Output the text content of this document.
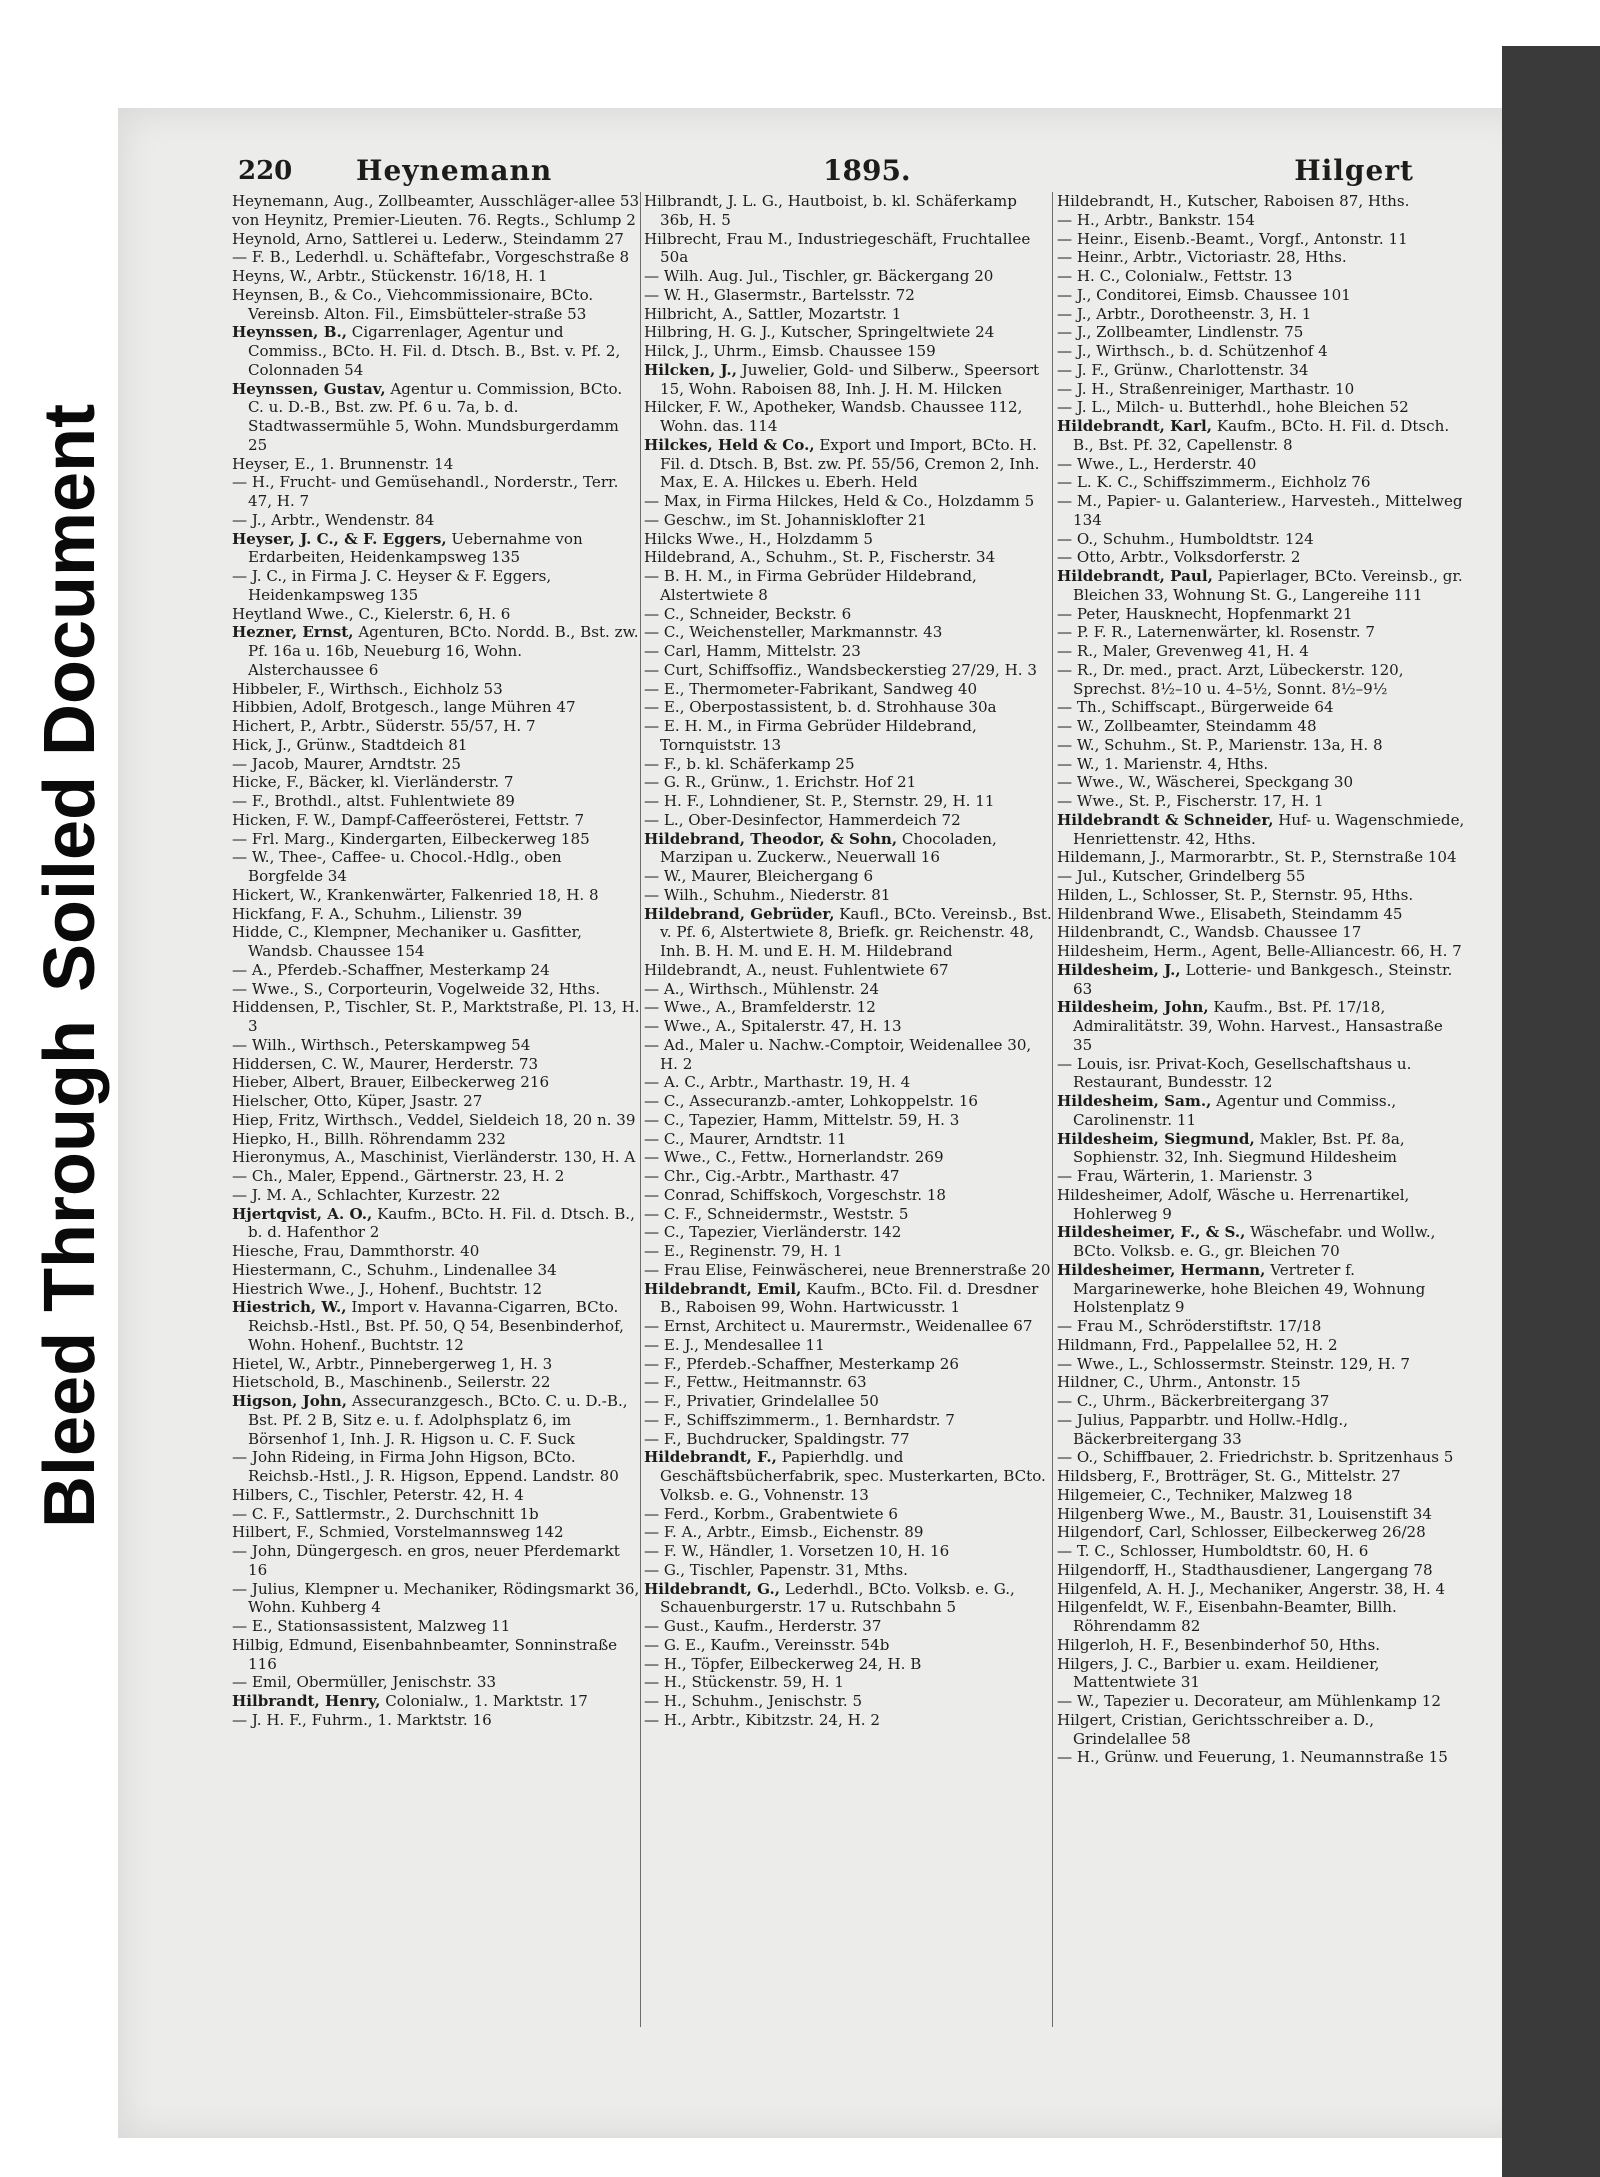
Bleed ThroughSoiled Document
220 Heynemann	1895.	Hilgert

Heynemann, Aug., Zollbeamter, Ausschläger-allee 53

von Heynitz, Premier-Lieuten. 76. Regts., Schlump 2

Heynold, Arno, Sattlerei u. Lederw., Steindamm 27

— F. B., Lederhdl. u. Schäftefabr., Vorgeschstraße 8

Heyns, W., Arbtr., Stückenstr. 16/18, H. 1

Heynsen, B., & Co., Viehcommissionaire, BCto. Vereinsb. Alton. Fil., Eimsbütteler-straße 53

Heynssen, B., Cigarrenlager, Agentur und Commiss., BCto. H. Fil. d. Dtsch. B., Bst. v. Pf. 2, Colonnaden 54

Heynssen, Gustav, Agentur u. Commission, BCto. C. u. D.-B., Bst. zw. Pf. 6 u. 7a, b. d. Stadtwassermühle 5, Wohn. Mundsburgerdamm 25

Heyser, E., 1. Brunnenstr. 14

— H., Frucht- und Gemüsehandl., Norderstr., Terr. 47, H. 7

— J., Arbtr., Wendenstr. 84

Heyser, J. C., & F. Eggers, Uebernahme von Erdarbeiten, Heidenkampsweg 135

— J. C., in Firma J. C. Heyser & F. Eggers, Heidenkampsweg 135

Heytland Wwe., C., Kielerstr. 6, H. 6

Hezner, Ernst, Agenturen, BCto. Nordd. B., Bst. zw. Pf. 16a u. 16b, Neueburg 16, Wohn. Alsterchaussee 6

Hibbeler, F., Wirthsch., Eichholz 53

Hibbien, Adolf, Brotgesch., lange Mühren 47

Hichert, P., Arbtr., Süderstr. 55/57, H. 7

Hick, J., Grünw., Stadtdeich 81

— Jacob, Maurer, Arndtstr. 25

Hicke, F., Bäcker, kl. Vierländerstr. 7

— F., Brothdl., altst. Fuhlentwiete 89

Hicken, F. W., Dampf-Caffeerösterei, Fettstr. 7

— Frl. Marg., Kindergarten, Eilbeckerweg 185

— W., Thee-, Caffee- u. Chocol.-Hdlg., oben Borgfelde 34

Hickert, W., Krankenwärter, Falkenried 18, H. 8

Hickfang, F. A., Schuhm., Lilienstr. 39

Hidde, C., Klempner, Mechaniker u. Gasfitter, Wandsb. Chaussee 154

— A., Pferdeb.-Schaffner, Mesterkamp 24

— Wwe., S., Corporteurin, Vogelweide 32, Hths.

Hiddensen, P., Tischler, St. P., Marktstraße, Pl. 13, H. 3

— Wilh., Wirthsch., Peterskampweg 54

Hiddersen, C. W., Maurer, Herderstr. 73

Hieber, Albert, Brauer, Eilbeckerweg 216

Hielscher, Otto, Küper, Jsastr. 27

Hiep, Fritz, Wirthsch., Veddel, Sieldeich 18, 20 n. 39

Hiepko, H., Billh. Röhrendamm 232

Hieronymus, A., Maschinist, Vierländerstr. 130, H. A

— Ch., Maler, Eppend., Gärtnerstr. 23, H. 2

— J. M. A., Schlachter, Kurzestr. 22

Hjertqvist, A. O., Kaufm., BCto. H. Fil. d. Dtsch. B., b. d. Hafenthor 2

Hiesche, Frau, Dammthorstr. 40

Hiestermann, C., Schuhm., Lindenallee 34

Hiestrich Wwe., J., Hohenf., Buchtstr. 12

Hiestrich, W., Import v. Havanna-Cigarren, BCto. Reichsb.-Hstl., Bst. Pf. 50, Q 54, Besenbinderhof, Wohn. Hohenf., Buchtstr. 12

Hietel, W., Arbtr., Pinnebergerweg 1, H. 3

Hietschold, B., Maschinenb., Seilerstr. 22

Higson, John, Assecuranzgesch., BCto. C. u. D.-B., Bst. Pf. 2 B, Sitz e. u. f. Adolphsplatz 6, im Börsenhof 1, Inh. J. R. Higson u. C. F. Suck

— John Rideing, in Firma John Higson, BCto. Reichsb.-Hstl., J. R. Higson, Eppend. Landstr. 80

Hilbers, C., Tischler, Peterstr. 42, H. 4

— C. F., Sattlermstr., 2. Durchschnitt 1b

Hilbert, F., Schmied, Vorstelmannsweg 142

— John, Düngergesch. en gros, neuer Pferdemarkt 16

— Julius, Klempner u. Mechaniker, Rödingsmarkt 36, Wohn. Kuhberg 4

— E., Stationsassistent, Malzweg 11

Hilbig, Edmund, Eisenbahnbeamter, Sonninstraße 116

— Emil, Obermüller, Jenischstr. 33

Hilbrandt, Henry, Colonialw., 1. Marktstr. 17

— J. H. F., Fuhrm., 1. Marktstr. 16

Hilbrandt, J. L. G., Hautboist, b. kl. Schäferkamp 36b, H. 5

Hilbrecht, Frau M., Industriegeschäft, Fruchtallee 50a

— Wilh. Aug. Jul., Tischler, gr. Bäckergang 20

— W. H., Glasermstr., Bartelsstr. 72

Hilbricht, A., Sattler, Mozartstr. 1

Hilbring, H. G. J., Kutscher, Springeltwiete 24

Hilck, J., Uhrm., Eimsb. Chaussee 159

Hilcken, J., Juwelier, Gold- und Silberw., Speersort 15, Wohn. Raboisen 88, Inh. J. H. M. Hilcken

Hilcker, F. W., Apotheker, Wandsb. Chaussee 112, Wohn. das. 114

Hilckes, Held & Co., Export und Import, BCto. H. Fil. d. Dtsch. B, Bst. zw. Pf. 55/56, Cremon 2, Inh. Max, E. A. Hilckes u. Eberh. Held

— Max, in Firma Hilckes, Held & Co., Holzdamm 5

— Geschw., im St. Johannisklofter 21

Hilcks Wwe., H., Holzdamm 5

Hildebrand, A., Schuhm., St. P., Fischerstr. 34

— B. H. M., in Firma Gebrüder Hildebrand, Alstertwiete 8

— C., Schneider, Beckstr. 6

— C., Weichensteller, Markmannstr. 43

— Carl, Hamm, Mittelstr. 23

— Curt, Schiffsoffiz., Wandsbeckerstieg 27/29, H. 3

— E., Thermometer-Fabrikant, Sandweg 40

— E., Oberpostassistent, b. d. Strohhause 30a

— E. H. M., in Firma Gebrüder Hildebrand, Tornquiststr. 13

— F., b. kl. Schäferkamp 25

— G. R., Grünw., 1. Erichstr. Hof 21

— H. F., Lohndiener, St. P., Sternstr. 29, H. 11

— L., Ober-Desinfector, Hammerdeich 72

Hildebrand, Theodor, & Sohn, Chocoladen, Marzipan u. Zuckerw., Neuerwall 16

— W., Maurer, Bleichergang 6

— Wilh., Schuhm., Niederstr. 81

Hildebrand, Gebrüder, Kaufl., BCto. Vereinsb., Bst. v. Pf. 6, Alstertwiete 8, Briefk. gr. Reichenstr. 48, Inh. B. H. M. und E. H. M. Hildebrand

Hildebrandt, A., neust. Fuhlentwiete 67

— A., Wirthsch., Mühlenstr. 24

— Wwe., A., Bramfelderstr. 12

— Wwe., A., Spitalerstr. 47, H. 13

— Ad., Maler u. Nachw.-Comptoir, Weidenallee 30, H. 2

— A. C., Arbtr., Marthastr. 19, H. 4

— C., Assecuranzb.-amter, Lohkoppelstr. 16

— C., Tapezier, Hamm, Mittelstr. 59, H. 3

— C., Maurer, Arndtstr. 11

— Wwe., C., Fettw., Hornerlandstr. 269

— Chr., Cig.-Arbtr., Marthastr. 47

— Conrad, Schiffskoch, Vorgeschstr. 18

— C. F., Schneidermstr., Weststr. 5

— C., Tapezier, Vierländerstr. 142

— E., Reginenstr. 79, H. 1

— Frau Elise, Feinwäscherei, neue Brennerstraße 20

Hildebrandt, Emil, Kaufm., BCto. Fil. d. Dresdner B., Raboisen 99, Wohn. Hartwicusstr. 1

— Ernst, Architect u. Maurermstr., Weidenallee 67

— E. J., Mendesallee 11

— F., Pferdeb.-Schaffner, Mesterkamp 26

— F., Fettw., Heitmannstr. 63

— F., Privatier, Grindelallee 50

— F., Schiffszimmerm., 1. Bernhardstr. 7

— F., Buchdrucker, Spaldingstr. 77

Hildebrandt, F., Papierhdlg. und Geschäftsbücherfabrik, spec. Musterkarten, BCto. Volksb. e. G., Vohnenstr. 13

— Ferd., Korbm., Grabentwiete 6

— F. A., Arbtr., Eimsb., Eichenstr. 89

— F. W., Händler, 1. Vorsetzen 10, H. 16

— G., Tischler, Papenstr. 31, Mths.

Hildebrandt, G., Lederhdl., BCto. Volksb. e. G., Schauenburgerstr. 17 u. Rutschbahn 5

— Gust., Kaufm., Herderstr. 37

— G. E., Kaufm., Vereinsstr. 54b

— H., Töpfer, Eilbeckerweg 24, H. B

— H., Stückenstr. 59, H. 1

— H., Schuhm., Jenischstr. 5

— H., Arbtr., Kibitzstr. 24, H. 2

Hildebrandt, H., Kutscher, Raboisen 87, Hths.

— H., Arbtr., Bankstr. 154

— Heinr., Eisenb.-Beamt., Vorgf., Antonstr. 11

— Heinr., Arbtr., Victoriastr. 28, Hths.

— H. C., Colonialw., Fettstr. 13

— J., Conditorei, Eimsb. Chaussee 101

— J., Arbtr., Dorotheenstr. 3, H. 1

— J., Zollbeamter, Lindlenstr. 75

— J., Wirthsch., b. d. Schützenhof 4

— J. F., Grünw., Charlottenstr. 34

— J. H., Straßenreiniger, Marthastr. 10

— J. L., Milch- u. Butterhdl., hohe Bleichen 52

Hildebrandt, Karl, Kaufm., BCto. H. Fil. d. Dtsch. B., Bst. Pf. 32, Capellenstr. 8

— Wwe., L., Herderstr. 40

— L. K. C., Schiffszimmerm., Eichholz 76

— M., Papier- u. Galanteriew., Harvesteh., Mittelweg 134

— O., Schuhm., Humboldtstr. 124

— Otto, Arbtr., Volksdorferstr. 2

Hildebrandt, Paul, Papierlager, BCto. Vereinsb., gr. Bleichen 33, Wohnung St. G., Langereihe 111

— Peter, Hausknecht, Hopfenmarkt 21

— P. F. R., Laternenwärter, kl. Rosenstr. 7

— R., Maler, Grevenweg 41, H. 4

— R., Dr. med., pract. Arzt, Lübeckerstr. 120, Sprechst. 8½–10 u. 4–5½, Sonnt. 8½–9½

— Th., Schiffscapt., Bürgerweide 64

— W., Zollbeamter, Steindamm 48

— W., Schuhm., St. P., Marienstr. 13a, H. 8

— W., 1. Marienstr. 4, Hths.

— Wwe., W., Wäscherei, Speckgang 30

— Wwe., St. P., Fischerstr. 17, H. 1

Hildebrandt & Schneider, Huf- u. Wagenschmiede, Henriettenstr. 42, Hths.

Hildemann, J., Marmorarbtr., St. P., Sternstraße 104

— Jul., Kutscher, Grindelberg 55

Hilden, L., Schlosser, St. P., Sternstr. 95, Hths.

Hildenbrand Wwe., Elisabeth, Steindamm 45

Hildenbrandt, C., Wandsb. Chaussee 17

Hildesheim, Herm., Agent, Belle-Alliancestr. 66, H. 7

Hildesheim, J., Lotterie- und Bankgesch., Steinstr. 63

Hildesheim, John, Kaufm., Bst. Pf. 17/18, Admiralitätstr. 39, Wohn. Harvest., Hansastraße 35

— Louis, isr. Privat-Koch, Gesellschaftshaus u. Restaurant, Bundesstr. 12

Hildesheim, Sam., Agentur und Commiss., Carolinenstr. 11

Hildesheim, Siegmund, Makler, Bst. Pf. 8a, Sophienstr. 32, Inh. Siegmund Hildesheim

— Frau, Wärterin, 1. Marienstr. 3

Hildesheimer, Adolf, Wäsche u. Herrenartikel, Hohlerweg 9

Hildesheimer, F., & S., Wäschefabr. und Wollw., BCto. Volksb. e. G., gr. Bleichen 70

Hildesheimer, Hermann, Vertreter f. Margarinewerke, hohe Bleichen 49, Wohnung Holstenplatz 9

— Frau M., Schröderstiftstr. 17/18

Hildmann, Frd., Pappelallee 52, H. 2

— Wwe., L., Schlossermstr. Steinstr. 129, H. 7

Hildner, C., Uhrm., Antonstr. 15

— C., Uhrm., Bäckerbreitergang 37

— Julius, Papparbtr. und Hollw.-Hdlg., Bäckerbreitergang 33

— O., Schiffbauer, 2. Friedrichstr. b. Spritzenhaus 5

Hildsberg, F., Brotträger, St. G., Mittelstr. 27

Hilgemeier, C., Techniker, Malzweg 18

Hilgenberg Wwe., M., Baustr. 31, Louisenstift 34

Hilgendorf, Carl, Schlosser, Eilbeckerweg 26/28

— T. C., Schlosser, Humboldtstr. 60, H. 6

Hilgendorff, H., Stadthausdiener, Langergang 78

Hilgenfeld, A. H. J., Mechaniker, Angerstr. 38, H. 4

Hilgenfeldt, W. F., Eisenbahn-Beamter, Billh. Röhrendamm 82

Hilgerloh, H. F., Besenbinderhof 50, Hths.

Hilgers, J. C., Barbier u. exam. Heildiener, Mattentwiete 31

— W., Tapezier u. Decorateur, am Mühlenkamp 12

Hilgert, Cristian, Gerichtsschreiber a. D., Grindelallee 58

— H., Grünw. und Feuerung, 1. Neumannstraße 15
